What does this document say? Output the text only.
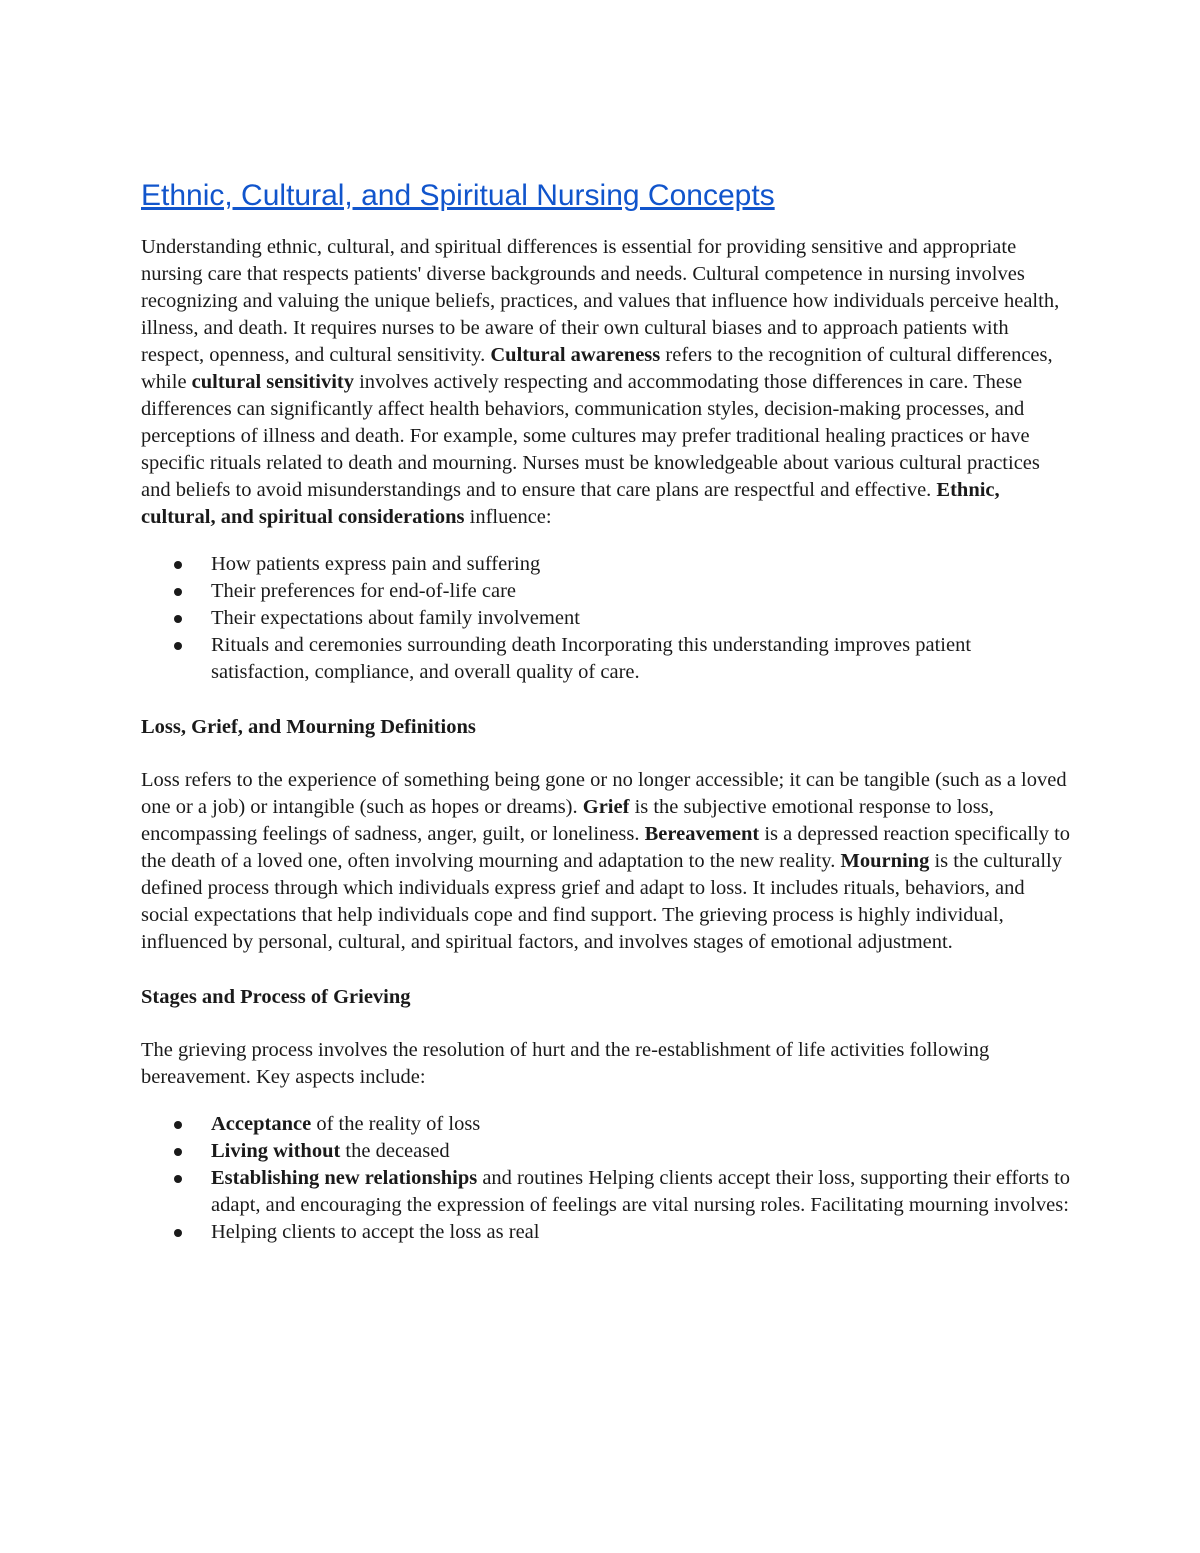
Ethnic, Cultural, and Spiritual Nursing Concepts

Understanding ethnic, cultural, and spiritual differences is essential for providing sensitive and appropriate nursing care that respects patients' diverse backgrounds and needs. Cultural competence in nursing involves recognizing and valuing the unique beliefs, practices, and values that influence how individuals perceive health, illness, and death. It requires nurses to be aware of their own cultural biases and to approach patients with respect, openness, and cultural sensitivity. Cultural awareness refers to the recognition of cultural differences, while cultural sensitivity involves actively respecting and accommodating those differences in care. These differences can significantly affect health behaviors, communication styles, decision-making processes, and perceptions of illness and death. For example, some cultures may prefer traditional healing practices or have specific rituals related to death and mourning. Nurses must be knowledgeable about various cultural practices and beliefs to avoid misunderstandings and to ensure that care plans are respectful and effective. Ethnic, cultural, and spiritual considerations influence:

How patients express pain and suffering
Their preferences for end-of-life care
Their expectations about family involvement
Rituals and ceremonies surrounding death Incorporating this understanding improves patient satisfaction, compliance, and overall quality of care.
Loss, Grief, and Mourning Definitions

Loss refers to the experience of something being gone or no longer accessible; it can be tangible (such as a loved one or a job) or intangible (such as hopes or dreams). Grief is the subjective emotional response to loss, encompassing feelings of sadness, anger, guilt, or loneliness. Bereavement is a depressed reaction specifically to the death of a loved one, often involving mourning and adaptation to the new reality. Mourning is the culturally defined process through which individuals express grief and adapt to loss. It includes rituals, behaviors, and social expectations that help individuals cope and find support. The grieving process is highly individual, influenced by personal, cultural, and spiritual factors, and involves stages of emotional adjustment.

Stages and Process of Grieving

The grieving process involves the resolution of hurt and the re-establishment of life activities following bereavement. Key aspects include:

Acceptance of the reality of loss
Living without the deceased
Establishing new relationships and routines Helping clients accept their loss, supporting their efforts to adapt, and encouraging the expression of feelings are vital nursing roles. Facilitating mourning involves:
Helping clients to accept the loss as real
